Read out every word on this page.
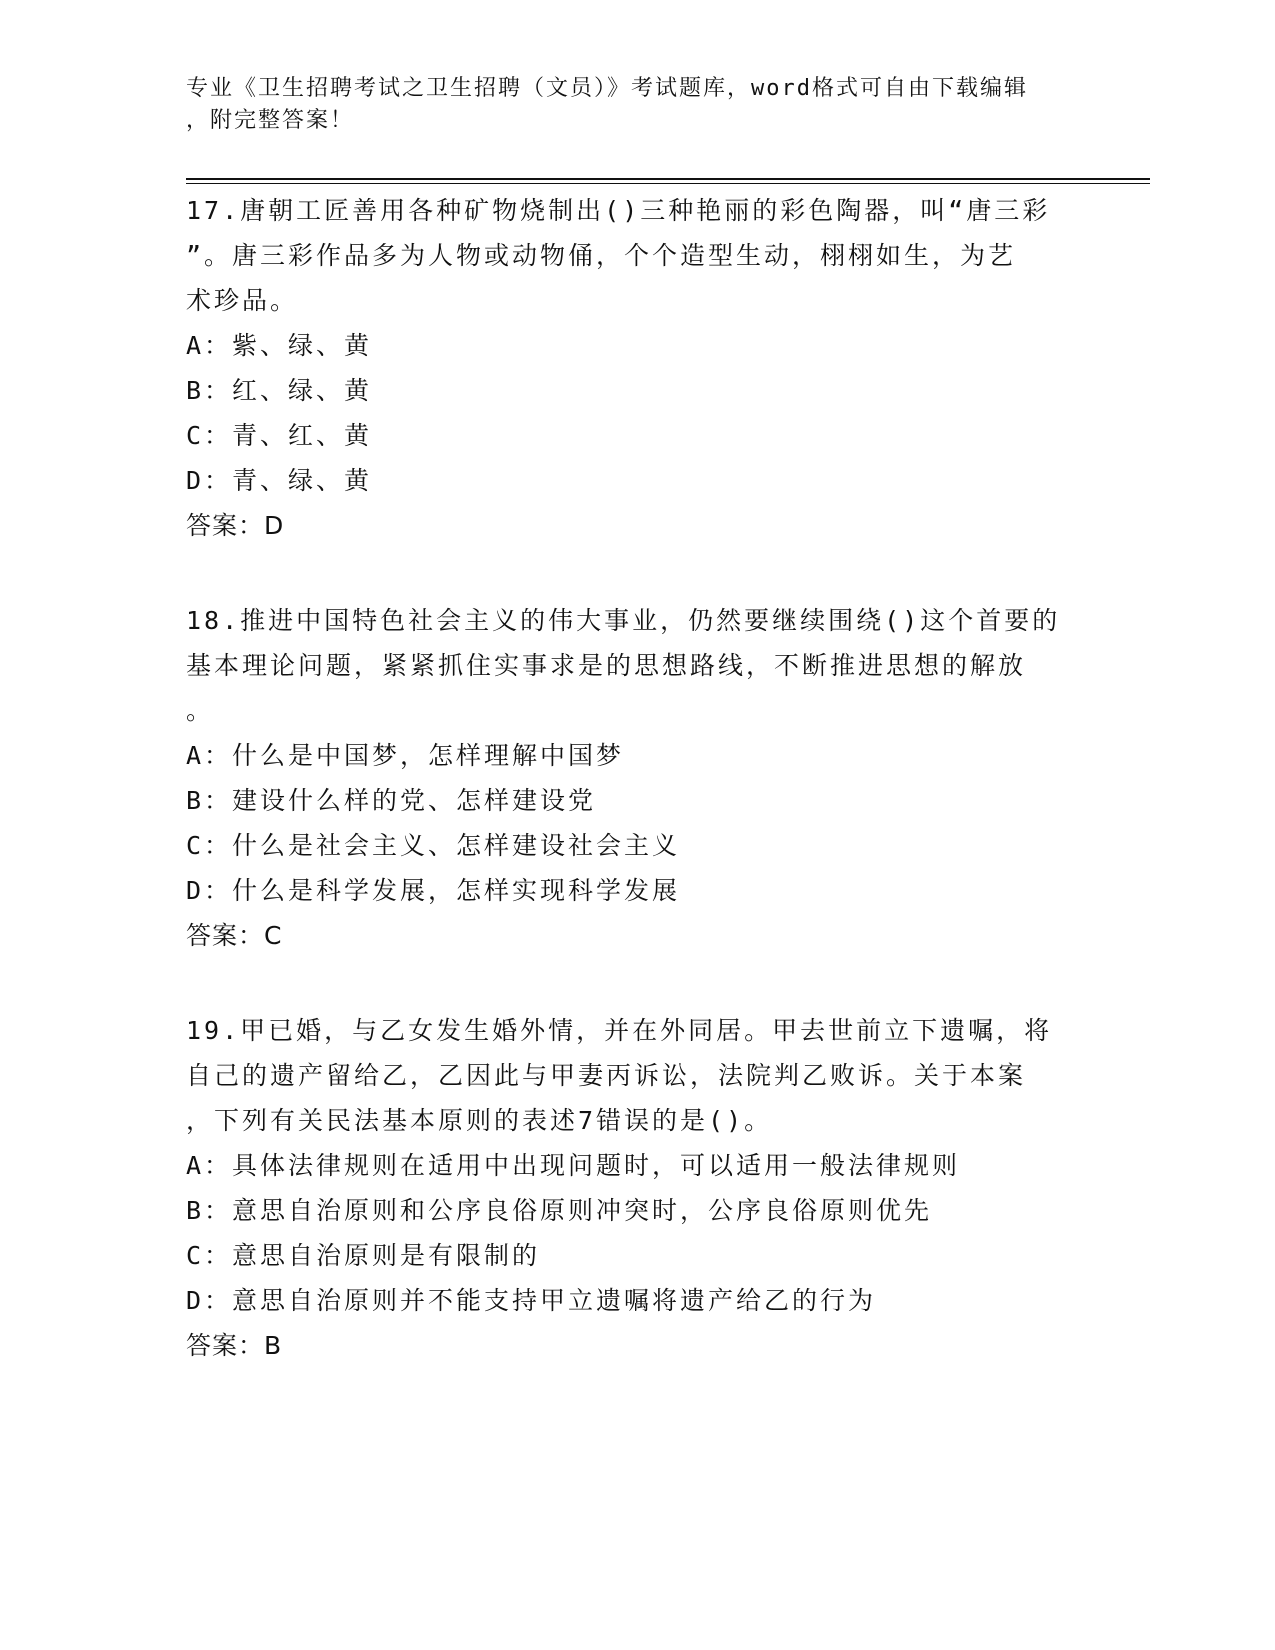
专业《卫生招聘考试之卫生招聘（文员）》考试题库，word格式可自由下载编辑
，附完整答案！
17.唐朝工匠善用各种矿物烧制出()三种艳丽的彩色陶器，叫“唐三彩
”。唐三彩作品多为人物或动物俑，个个造型生动，栩栩如生，为艺
术珍品。
A：紫、绿、黄
B：红、绿、黄
C：青、红、黄
D：青、绿、黄
答案：D
18.推进中国特色社会主义的伟大事业，仍然要继续围绕()这个首要的
基本理论问题，紧紧抓住实事求是的思想路线，不断推进思想的解放
。
A：什么是中国梦，怎样理解中国梦
B：建设什么样的党、怎样建设党
C：什么是社会主义、怎样建设社会主义
D：什么是科学发展，怎样实现科学发展
答案：C
19.甲已婚，与乙女发生婚外情，并在外同居。甲去世前立下遗嘱，将
自己的遗产留给乙，乙因此与甲妻丙诉讼，法院判乙败诉。关于本案
，下列有关民法基本原则的表述7错误的是()。
A：具体法律规则在适用中出现问题时，可以适用一般法律规则
B：意思自治原则和公序良俗原则冲突时，公序良俗原则优先
C：意思自治原则是有限制的
D：意思自治原则并不能支持甲立遗嘱将遗产给乙的行为
答案：B
